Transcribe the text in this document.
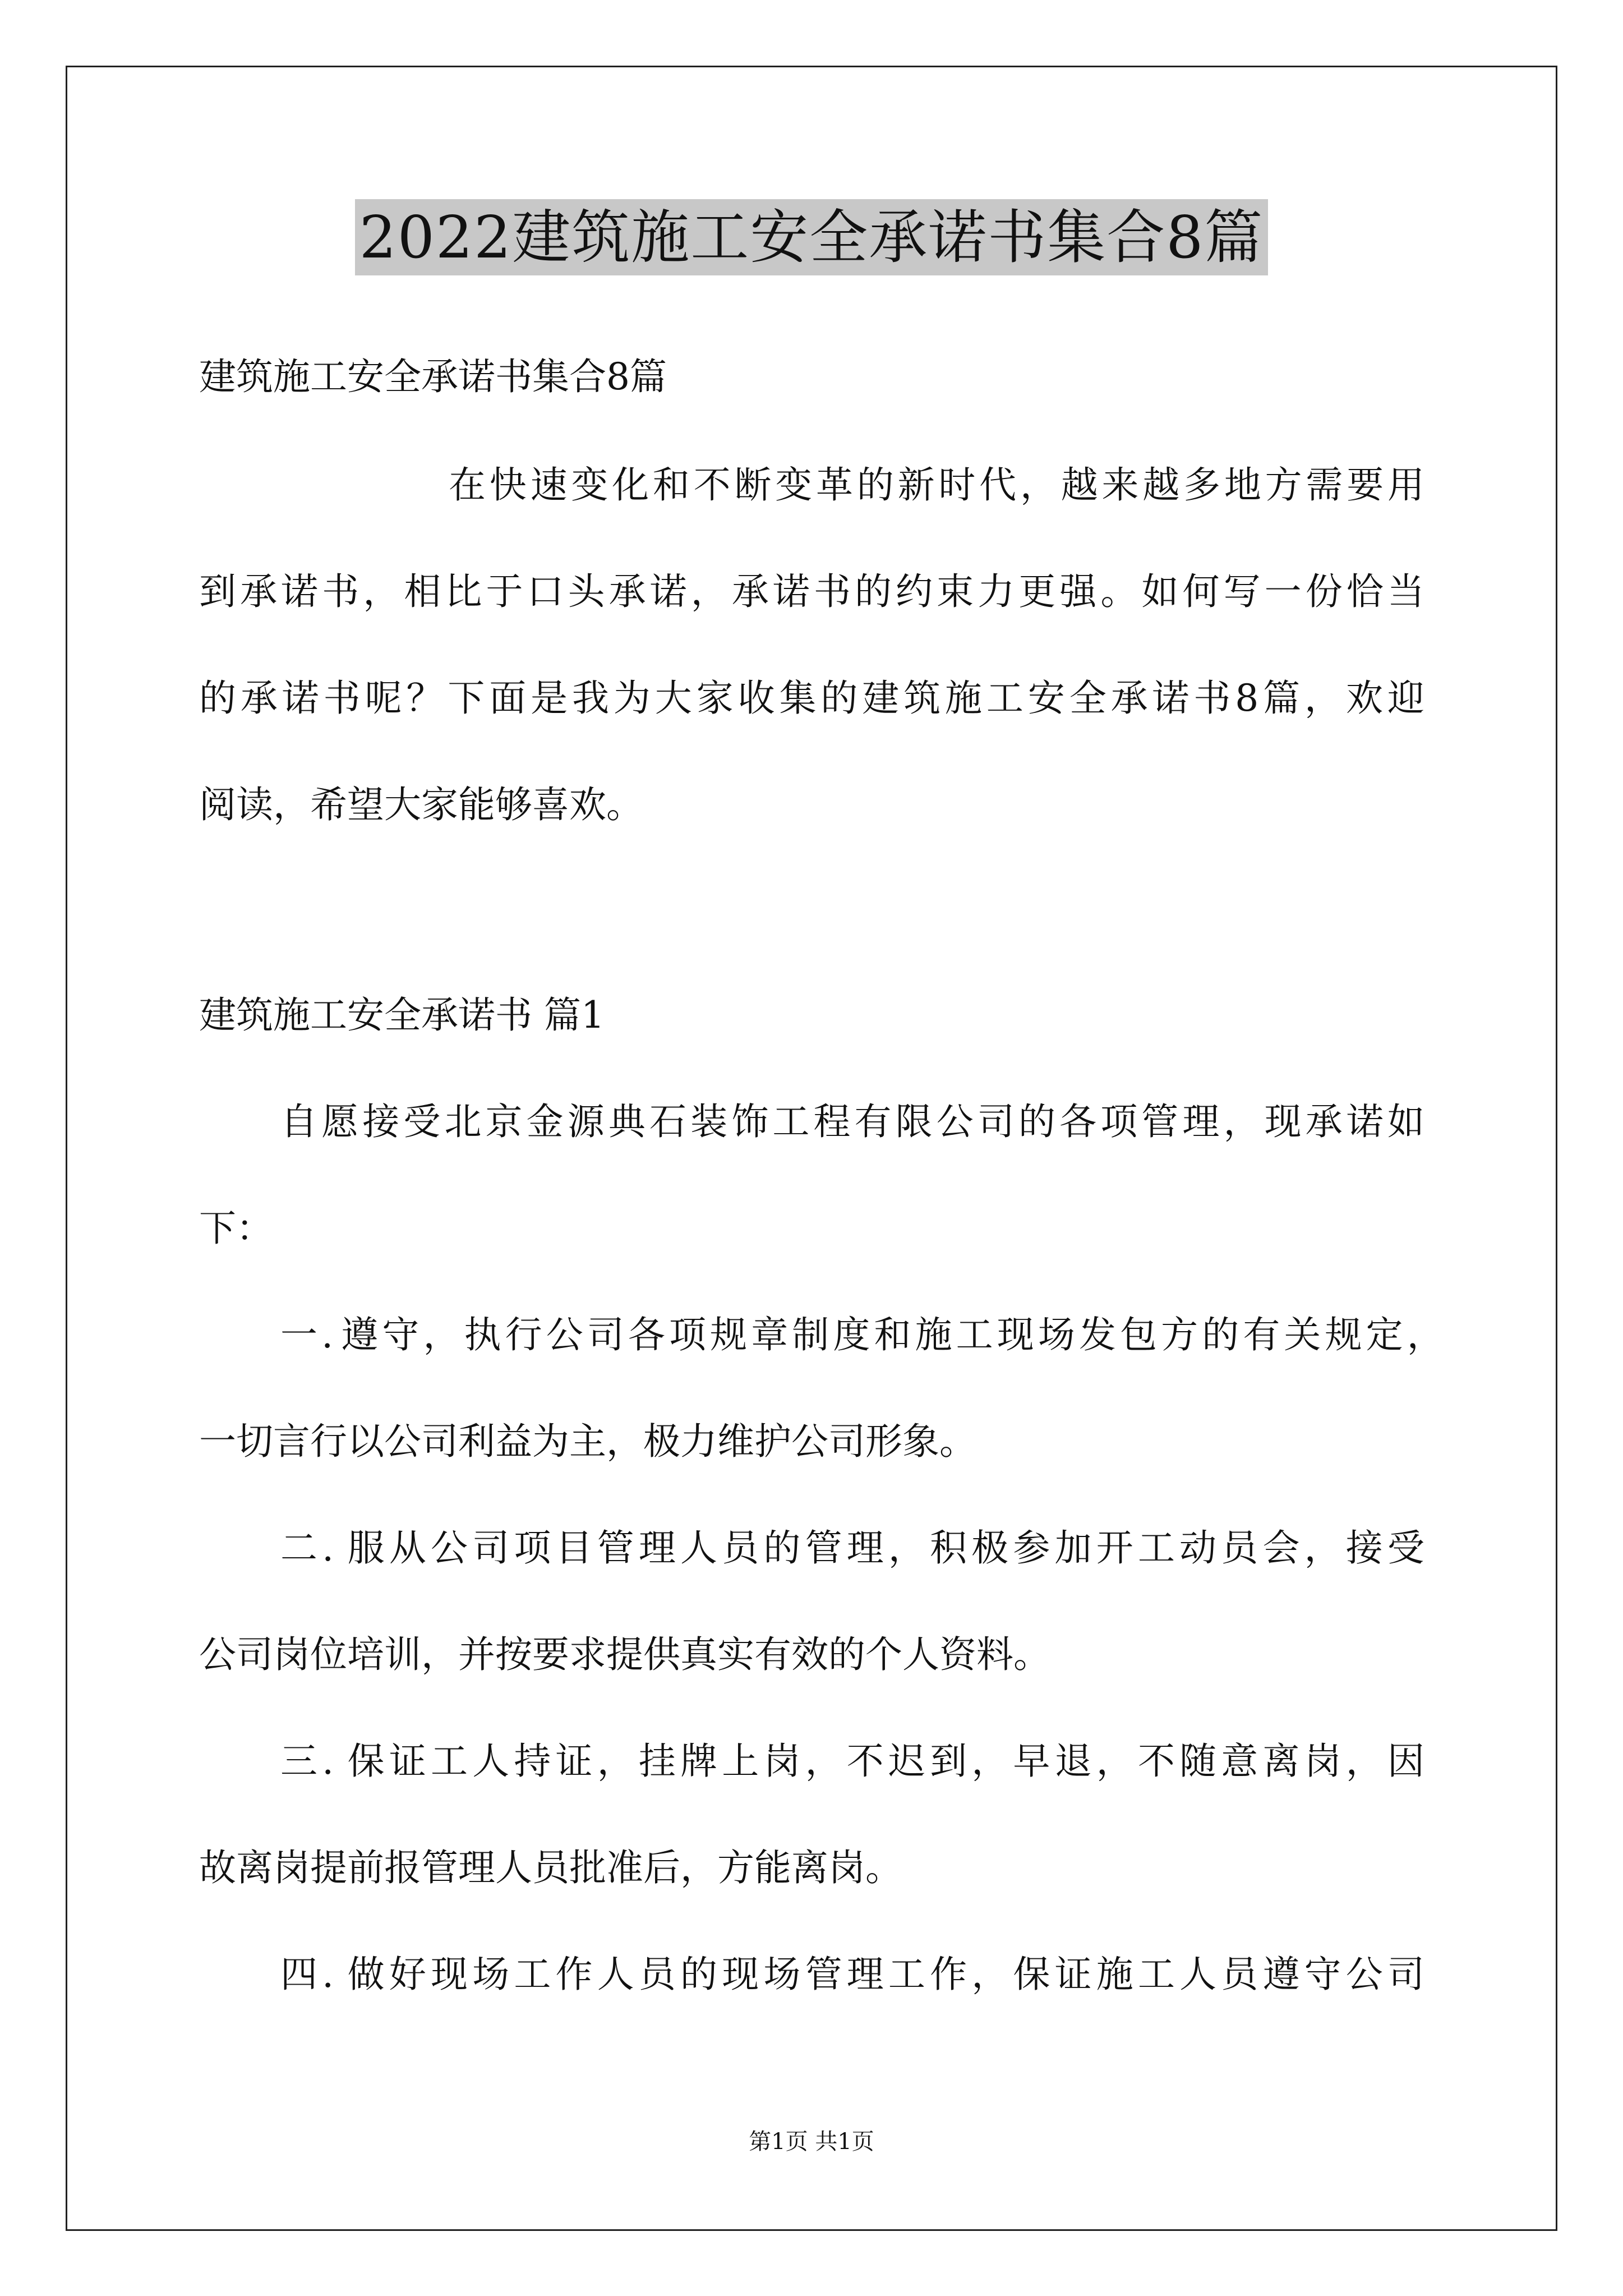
2022建筑施工安全承诺书集合8篇
建筑施工安全承诺书集合8篇
在 快 速 变 化 和 不 断 变 革 的 新 时 代 ， 越 来 越 多 地 方 需 要 用
到 承 诺 书 ， 相 比 于 口 头 承 诺 ， 承 诺 书 的 约 束 力 更 强 。 如 何 写 一 份 恰 当
的 承 诺 书 呢 ？ 下 面 是 我 为 大 家 收 集 的 建 筑 施 工 安 全 承 诺 书 8 篇 ， 欢 迎
阅读，希望大家能够喜欢。
建筑施工安全承诺书 篇1
自 愿 接 受 北 京 金 源 典 石 装 饰 工 程 有 限 公 司 的 各 项 管 理 ， 现 承 诺 如
下：
一 . 遵 守 ， 执 行 公 司 各 项 规 章 制 度 和 施 工 现 场 发 包 方 的 有 关 规 定 ，
一切言行以公司利益为主，极力维护公司形象。
二 . 服 从 公 司 项 目 管 理 人 员 的 管 理 ， 积 极 参 加 开 工 动 员 会 ， 接 受
公司岗位培训，并按要求提供真实有效的个人资料。
三 . 保 证 工 人 持 证 ， 挂 牌 上 岗 ， 不 迟 到 ， 早 退 ， 不 随 意 离 岗 ， 因
故离岗提前报管理人员批准后，方能离岗。
四 . 做 好 现 场 工 作 人 员 的 现 场 管 理 工 作 ， 保 证 施 工 人 员 遵 守 公 司
第1页 共1页
